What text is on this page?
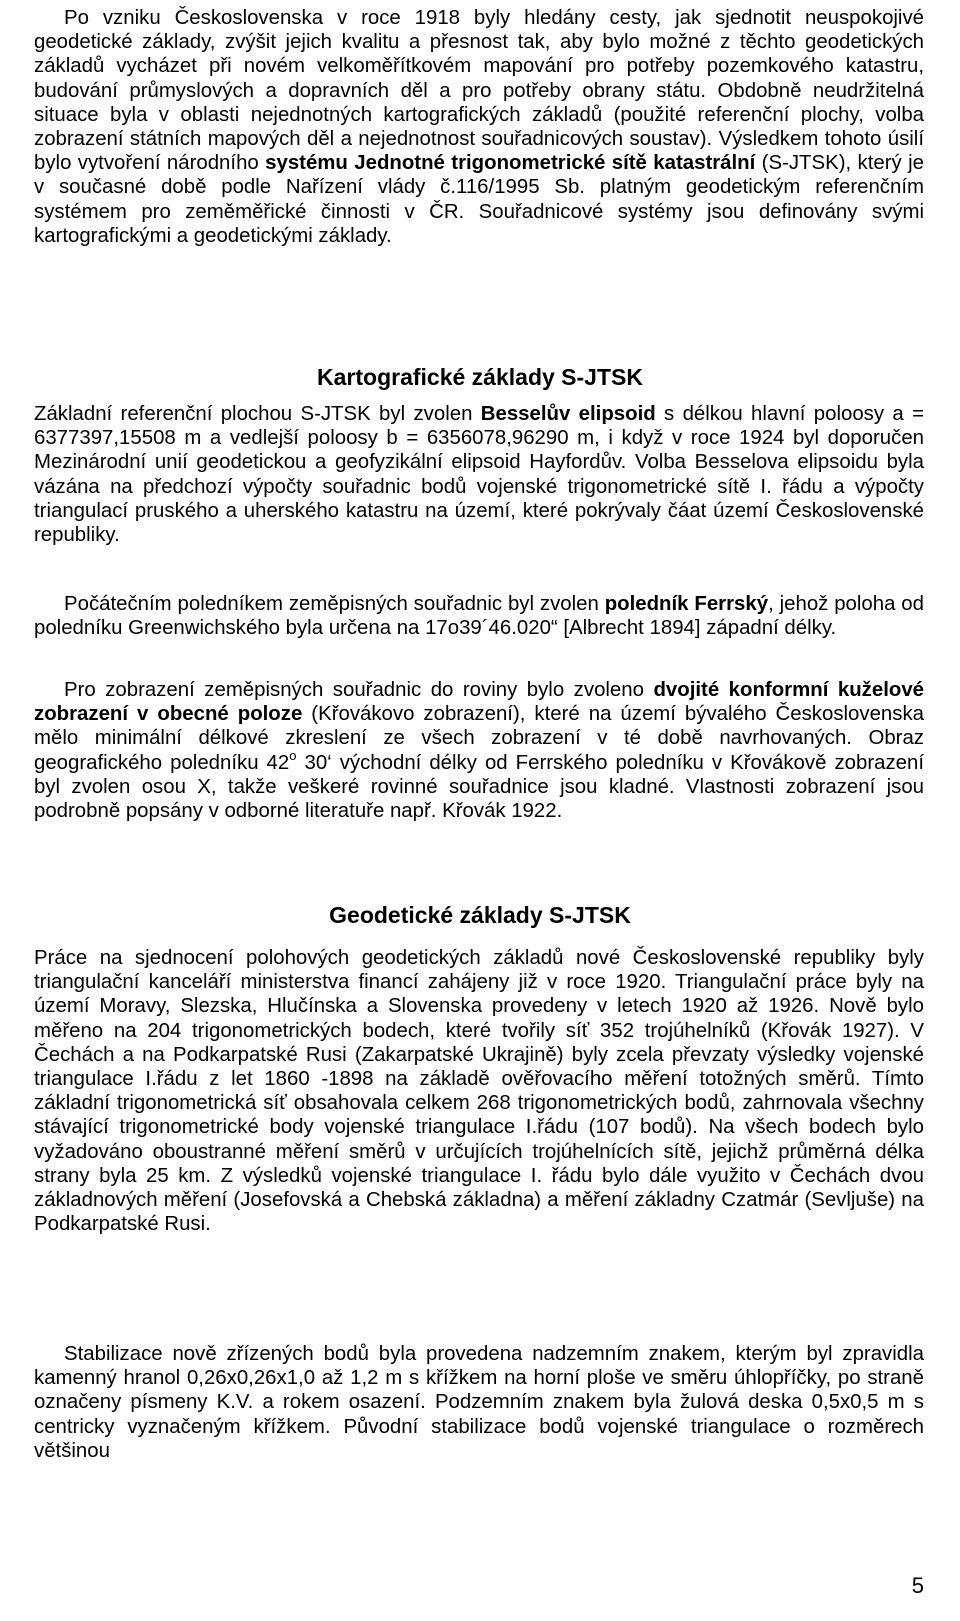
Po vzniku Československa v roce 1918 byly hledány cesty, jak sjednotit neuspokojivé geodetické základy, zvýšit jejich kvalitu a přesnost tak, aby bylo možné z těchto geodetických základů vycházet při novém velkoměřítkovém mapování pro potřeby pozemkového katastru, budování průmyslových a dopravních děl a pro potřeby obrany státu. Obdobně neudržitelná situace byla v oblasti nejednotných kartografických základů (použité referenční plochy, volba zobrazení státních mapových děl a nejednotnost souřadnicových soustav). Výsledkem tohoto úsilí bylo vytvoření národního systému Jednotné trigonometrické sítě katastrální (S-JTSK), který je v současné době podle Nařízení vlády č.116/1995 Sb. platným geodetickým referenčním systémem pro zeměměřické činnosti v ČR. Souřadnicové systémy jsou definovány svými kartografickými a geodetickými základy.

Kartografické základy S-JTSK

Základní referenční plochou S-JTSK byl zvolen Besselův elipsoid s délkou hlavní poloosy a = 6377397,15508 m a vedlejší poloosy b = 6356078,96290 m, i když v roce 1924 byl doporučen Mezinárodní unií geodetickou a geofyzikální elipsoid Hayfordův. Volba Besselova elipsoidu byla vázána na předchozí výpočty souřadnic bodů vojenské trigonometrické sítě I. řádu a výpočty triangulací pruského a uherského katastru na území, které pokrývaly čáat území Československé republiky.

Počátečním poledníkem zeměpisných souřadnic byl zvolen poledník Ferrský, jehož poloha od poledníku Greenwichského byla určena na 17o39´46.020“ [Albrecht 1894] západní délky.

Pro zobrazení zeměpisných souřadnic do roviny bylo zvoleno dvojité konformní kuželové zobrazení v obecné poloze (Křovákovo zobrazení), které na území bývalého Československa mělo minimální délkové zkreslení ze všech zobrazení v té době navrhovaných. Obraz geografického poledníku 42$^o$ 30‘ východní délky od Ferrského poledníku v Křovákově zobrazení byl zvolen osou X, takže veškeré rovinné souřadnice jsou kladné. Vlastnosti zobrazení jsou podrobně popsány v odborné literatuře např. Křovák 1922.

Geodetické základy S-JTSK

Práce na sjednocení polohových geodetických základů nové Československé republiky byly triangulační kanceláří ministerstva financí zahájeny již v roce 1920. Triangulační práce byly na území Moravy, Slezska, Hlučínska a Slovenska provedeny v letech 1920 až 1926. Nově bylo měřeno na 204 trigonometrických bodech, které tvořily síť 352 trojúhelníků (Křovák 1927). V Čechách a na Podkarpatské Rusi (Zakarpatské Ukrajině) byly zcela převzaty výsledky vojenské triangulace I.řádu z let 1860 -1898 na základě ověřovacího měření totožných směrů. Tímto základní trigonometrická síť obsahovala celkem 268 trigonometrických bodů, zahrnovala všechny stávající trigonometrické body vojenské triangulace I.řádu (107 bodů). Na všech bodech bylo vyžadováno oboustranné měření směrů v určujících trojúhelnících sítě, jejichž průměrná délka strany byla 25 km. Z výsledků vojenské triangulace I. řádu bylo dále využito v Čechách dvou základnových měření (Josefovská a Chebská základna) a měření základny Czatmár (Sevljuše) na Podkarpatské Rusi.

Stabilizace nově zřízených bodů byla provedena nadzemním znakem, kterým byl zpravidla kamenný hranol 0,26x0,26x1,0 až 1,2 m s křížkem na horní ploše ve směru úhlopříčky, po straně označeny písmeny K.V. a rokem osazení. Podzemním znakem byla žulová deska 0,5x0,5 m s centricky vyznačeným křížkem. Původní stabilizace bodů vojenské triangulace o rozměrech většinou

5
